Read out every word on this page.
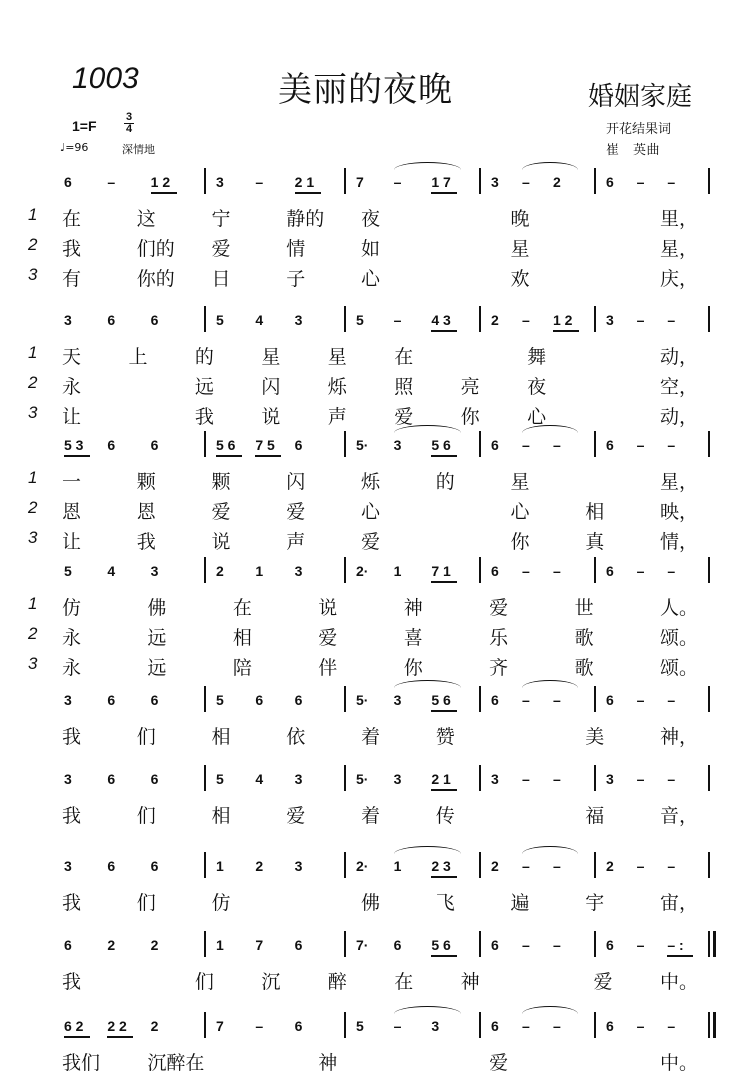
1003	美丽的夜晚	婚姻家庭
1=F
3
4
♩=96	深情地
开花结果词
崔　英曲
6	–	1 2	3 – 2 1	7 – 1 7	3 – 2	6 – –
1 在	这	宁	静的 夜	晚	里，
2 我	们的 爱	情	如	星	星，
3 有	你的 日	子	心	欢	庆，
3	6	6	5 4 3	5 – 4 3	2 – 1 2 3 – –
1 天 上 的 星 星 在	舞	动，
2 永	远 闪 烁 照 亮 夜	空，
3 让	我 说 声 爱 你 心	动，
5 3 6	6	5 6 7 5 6	5· 3 5 6	6 – –	6 – –
1 一	颗	颗	闪	烁	的	星	星，
2 恩	恩	爱	爱	心	心	相	映，
3 让	我	说	声	爱	你	真	情，
5	4	3	2 1 3	2· 1 7 1	6 – –	6 – –
1 仿	佛	在	说	神	爱	世	人。
2 永	远	相	爱	喜	乐	歌	颂。
3 永	远	陪	伴	你	齐	歌	颂。
3	6	6	5 6 6	5· 3 5 6	6 – –	6 – –
我	们	相	依	着	赞	美	神，
3	6	6	5 4 3	5· 3 2 1	3 – –	3 – –
我	们	相	爱	着	传	福	音，
3	6	6	1 2 3	2· 1 2 3	2 – –	2 – –
我	们	仿	佛	飞	遍	宇	宙，
6	2	2	1 7 6	7· 6 5 6	6 – –	6 – – :
我	们 沉 醉 在 神	爱 中。
6 2 2 2 2	7 – 6	5 – 3	6 – –	6 – –
我们 沉醉在	神	爱	中。
